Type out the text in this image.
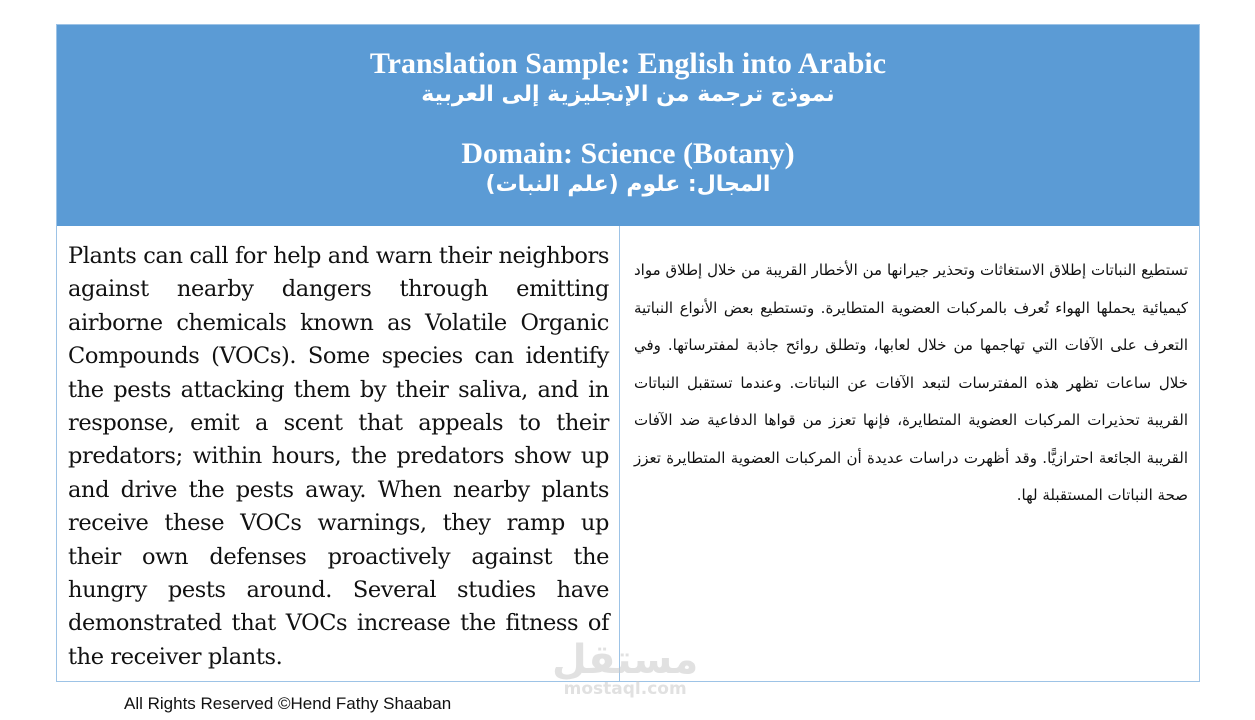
Translation Sample: English into Arabic
نموذج ترجمة من الإنجليزية إلى العربية
Domain: Science (Botany)
المجال: علوم (علم النبات)

Plants can call for help and warn their neighbors against nearby dangers through emitting airborne chemicals known as Volatile Organic Compounds (VOCs). Some species can identify the pests attacking them by their saliva, and in response, emit a scent that appeals to their predators; within hours, the predators show up and drive the pests away. When nearby plants receive these VOCs warnings, they ramp up their own defenses proactively against the hungry pests around. Several studies have demonstrated that VOCs increase the fitness of the receiver plants.

تستطيع النباتات إطلاق الاستغاثات وتحذير جيرانها من الأخطار القريبة من خلال إطلاق مواد كيميائية يحملها الهواء تُعرف بالمركبات العضوية المتطايرة. وتستطيع بعض الأنواع النباتية التعرف على الآفات التي تهاجمها من خلال لعابها، وتطلق روائح جاذبة لمفترساتها. وفي خلال ساعات تظهر هذه المفترسات لتبعد الآفات عن النباتات. وعندما تستقبل النباتات القريبة تحذيرات المركبات العضوية المتطايرة، فإنها تعزز من قواها الدفاعية ضد الآفات القريبة الجائعة احترازيًّا. وقد أظهرت دراسات عديدة أن المركبات العضوية المتطايرة تعزز صحة النباتات المستقبلة لها.

مستقل
mostaql.com
All Rights Reserved ©Hend Fathy Shaaban
